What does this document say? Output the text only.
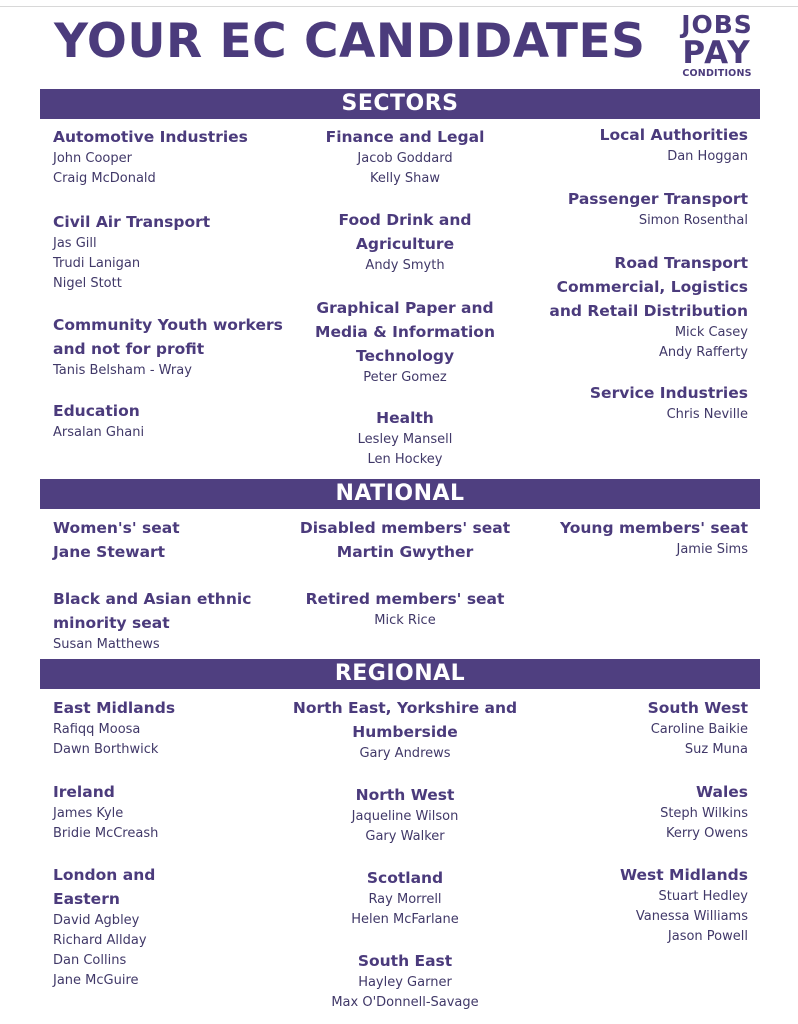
YOUR EC CANDIDATES JOBS
PAY
CONDITIONS
SECTORS
Automotive Industries
John Cooper
Craig McDonald
Civil Air Transport
Jas Gill
Trudi Lanigan
Nigel Stott
Community Youth workers
and not for profit
Tanis Belsham - Wray
Education
Arsalan Ghani
Finance and Legal
Jacob Goddard
Kelly Shaw
Food Drink and
Agriculture
Andy Smyth
Graphical Paper and
Media & Information
Technology
Peter Gomez
Health
Lesley Mansell
Len Hockey
Local Authorities
Dan Hoggan
Passenger Transport
Simon Rosenthal
Road Transport
Commercial, Logistics
and Retail Distribution
Mick Casey
Andy Rafferty
Service Industries
Chris Neville
NATIONAL
Women's' seat
Jane Stewart
Black and Asian ethnic
minority seat
Susan Matthews
Disabled members' seat
Martin Gwyther
Retired members' seat
Mick Rice
Young members' seat
Jamie Sims
REGIONAL
East Midlands
Rafiqq Moosa
Dawn Borthwick
Ireland
James Kyle
Bridie McCreash
London and
Eastern
David Agbley
Richard Allday
Dan Collins
Jane McGuire
North East, Yorkshire and
Humberside
Gary Andrews
North West
Jaqueline Wilson
Gary Walker
Scotland
Ray Morrell
Helen McFarlane
South East
Hayley Garner
Max O'Donnell-Savage
South West
Caroline Baikie
Suz Muna
Wales
Steph Wilkins
Kerry Owens
West Midlands
Stuart Hedley
Vanessa Williams
Jason Powell
